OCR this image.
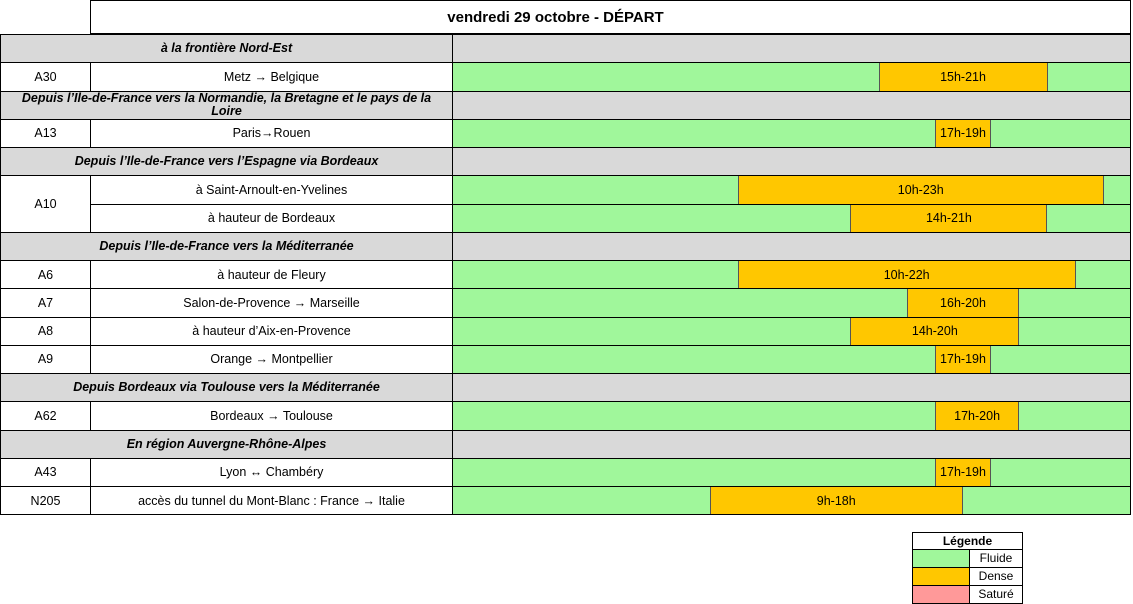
vendredi 29 octobre - DÉPART
à la frontière Nord-Est
A30	Metz → Belgique	15h-21h
Depuis l’Ile-de-France vers la Normandie, la Bretagne et le pays de la Loire
A13	Paris→Rouen	17h-19h
Depuis l’Ile-de-France vers l’Espagne via Bordeaux
A10
à Saint-Arnoult-en-Yvelines	10h-23h
à hauteur de Bordeaux	14h-21h
Depuis l’Ile-de-France vers la Méditerranée
A6	à hauteur de Fleury	10h-22h
A7	Salon-de-Provence → Marseille	16h-20h
A8	à hauteur d’Aix-en-Provence	14h-20h
A9	Orange → Montpellier	17h-19h
Depuis Bordeaux via Toulouse vers la Méditerranée
A62	Bordeaux → Toulouse	17h-20h
En région Auvergne-Rhône-Alpes
A43	Lyon ↔ Chambéry	17h-19h
N205	accès du tunnel du Mont-Blanc : France → Italie	9h-18h
Légende
Fluide
Dense
Saturé
